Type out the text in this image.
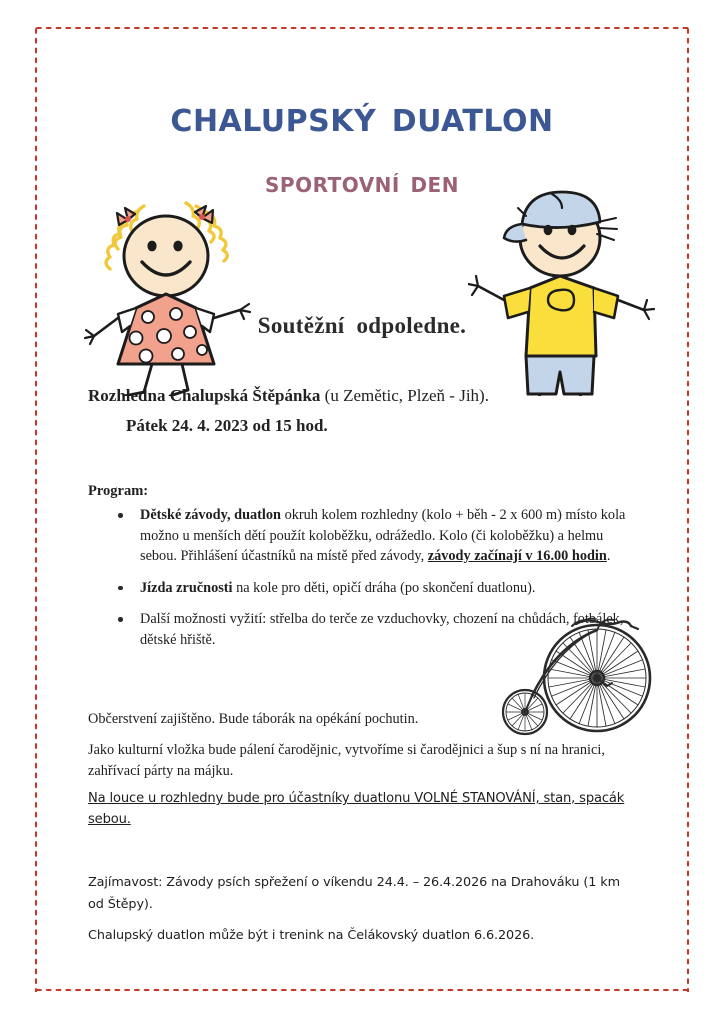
chalupský duatlon
sportovní den
Soutěžní odpoledne.
Rozhledna Chalupská Štěpánka (u Zemětic, Plzeň - Jih).
Pátek 24. 4. 2023 od 15 hod.
Program:
Dětské závody, duatlon okruh kolem rozhledny (kolo + běh - 2 x 600 m) místo kola možno u menších dětí použít koloběžku, odrážedlo. Kolo (či koloběžku) a helmu sebou. Přihlášení účastníků na místě před závody, závody začínají v 16.00 hodin.
Jízda zručnosti na kole pro děti, opičí dráha (po skončení duatlonu).
Další možnosti vyžití: střelba do terče ze vzduchovky, chození na chůdách, fotbálek, dětské hřiště.
Občerstvení zajištěno. Bude táborák na opékání pochutin.
Jako kulturní vložka bude pálení čarodějnic, vytvoříme si čarodějnici a šup s ní na hranici, zahřívací párty na májku.
Na louce u rozhledny bude pro účastníky duatlonu VOLNÉ STANOVÁNÍ, stan, spacák sebou.
Zajímavost: Závody psích spřežení o víkendu 24.4. – 26.4.2026 na Drahováku (1 km od Štěpy).
Chalupský duatlon může být i trenink na Čelákovský duatlon 6.6.2026.
